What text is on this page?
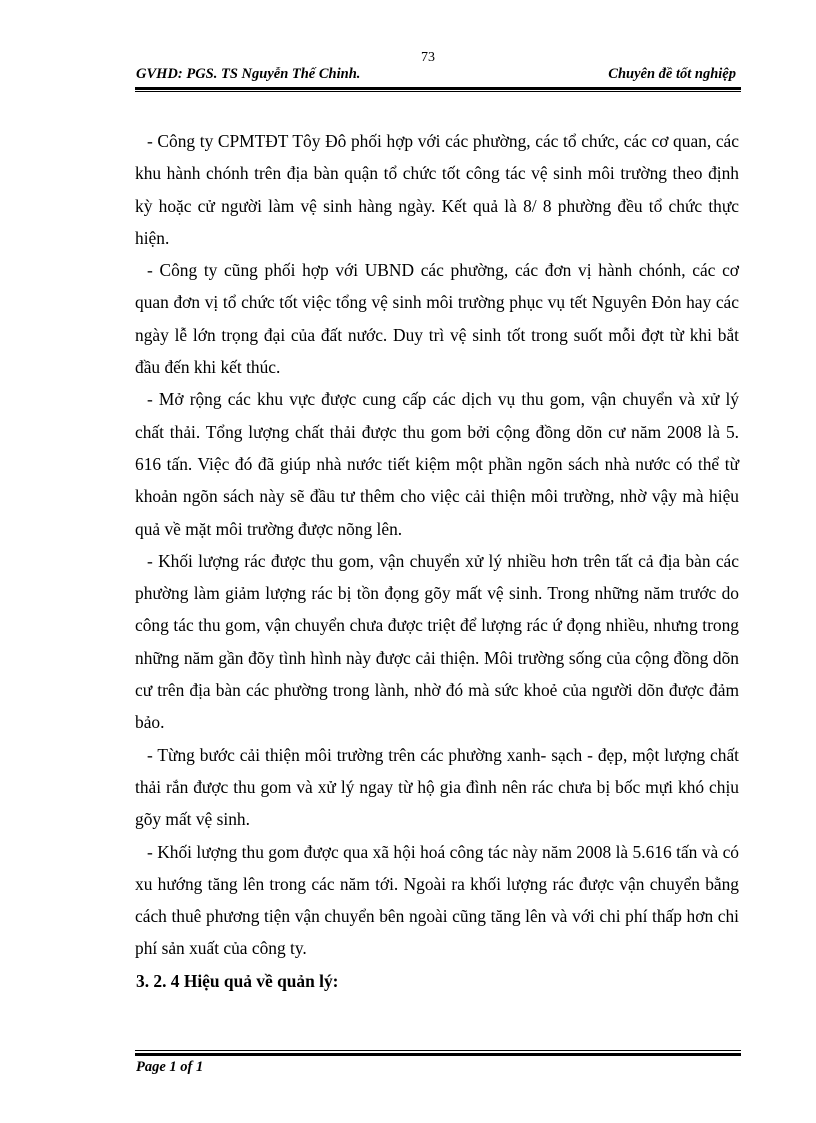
73
GVHD: PGS. TS Nguyễn Thế Chinh.	Chuyên đề tốt nghiệp

- Công ty CPMTĐT Tôy Đô phối hợp với các phường, các tổ chức, các cơ quan, các khu hành chónh trên địa bàn quận tổ chức tốt công tác vệ sinh môi trường theo định kỳ hoặc cử người làm vệ sinh hàng ngày. Kết quả là 8/ 8 phường đều tổ chức thực hiện.

- Công ty cũng phối hợp với UBND các phường, các đơn vị hành chónh, các cơ quan đơn vị tổ chức tốt việc tổng vệ sinh môi trường phục vụ tết Nguyên Đỏn hay các ngày lễ lớn trọng đại của đất nước. Duy trì vệ sinh tốt trong suốt mỗi đợt từ khi bắt đầu đến khi kết thúc.

- Mở rộng các khu vực được cung cấp các dịch vụ thu gom, vận chuyển và xử lý chất thải. Tổng lượng chất thải được thu gom bởi cộng đồng dõn cư năm 2008 là 5. 616 tấn. Việc đó đã giúp nhà nước tiết kiệm một phần ngõn sách nhà nước có thể từ khoản ngõn sách này sẽ đầu tư thêm cho việc cải thiện môi trường, nhờ vậy mà hiệu quả về mặt môi trường được nõng lên.

- Khối lượng rác được thu gom, vận chuyển xử lý nhiều hơn trên tất cả địa bàn các phường làm giảm lượng rác bị tồn đọng gõy mất vệ sinh. Trong những năm trước do công tác thu gom, vận chuyển chưa được triệt để lượng rác ứ đọng nhiều, nhưng trong những năm gần đõy tình hình này được cải thiện. Môi trường sống của cộng đồng dõn cư trên địa bàn các phường trong lành, nhờ đó mà sức khoẻ của người dõn được đảm bảo.

- Từng bước cải thiện môi trường trên các phường xanh- sạch - đẹp, một lượng chất thải rắn được thu gom và xử lý ngay từ hộ gia đình nên rác chưa bị bốc mựi khó chịu gõy mất vệ sinh.

- Khối lượng thu gom được qua xã hội hoá công tác này năm 2008 là 5.616 tấn và có xu hướng tăng lên trong các năm tới. Ngoài ra khối lượng rác được vận chuyển bằng cách thuê phương tiện vận chuyển bên ngoài cũng tăng lên và với chi phí thấp hơn chi phí sản xuất của công ty.

3. 2. 4 Hiệu quả về quản lý:
Page 1 of 1
